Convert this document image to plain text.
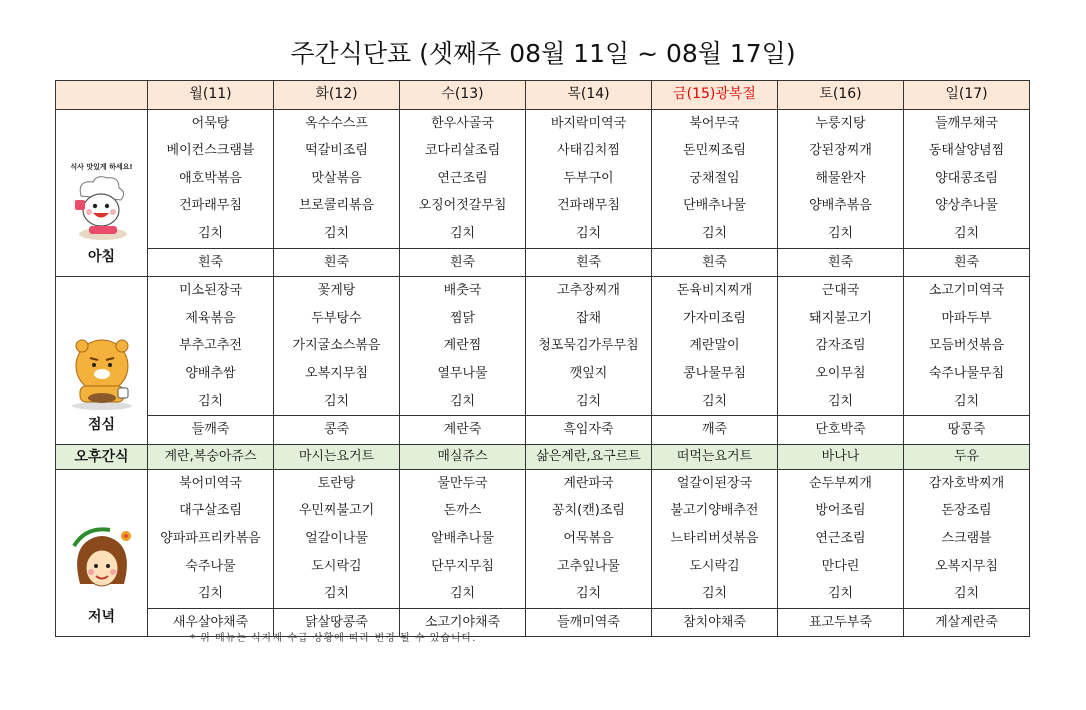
주간식단표 (셋째주 08월 11일 ~ 08월 17일)
	월(11)	화(12)	수(13)	목(14)	금(15)광복절	토(16)	일(17)

식사 맛있게 하세요!
아침	어묵탕	옥수수스프	한우사골국	바지락미역국	북어무국	누룽지탕	들깨무채국
	베이컨스크램블	떡갈비조림	코다리살조림	사태김치찜	돈민찌조림	강된장찌개	동태살양념찜
	애호박볶음	맛살볶음	연근조림	두부구이	궁채절임	해물완자	양대콩조림
	건파래무침	브로콜리볶음	오징어젓갈무침	건파래무침	단배추나물	양배추볶음	양상추나물
	김치	김치	김치	김치	김치	김치	김치
	흰죽	흰죽	흰죽	흰죽	흰죽	흰죽	흰죽

점심	미소된장국	꽃게탕	배춧국	고추장찌개	돈육비지찌개	근대국	소고기미역국
	제육볶음	두부탕수	찜닭	잡채	가자미조림	돼지불고기	마파두부
	부추고추전	가지굴소스볶음	계란찜	청포묵김가루무침	계란말이	감자조림	모듬버섯볶음
	양배추쌈	오복지무침	열무나물	깻잎지	콩나물무침	오이무침	숙주나물무침
	김치	김치	김치	김치	김치	김치	김치
	들깨죽	콩죽	계란죽	흑임자죽	깨죽	단호박죽	땅콩죽
오후간식	계란,복숭아쥬스	마시는요거트	매실쥬스	삶은계란,요구르트	떠먹는요거트	바나나	두유

저녁	북어미역국	토란탕	물만두국	계란파국	얼갈이된장국	순두부찌개	감자호박찌개
	대구살조림	우민찌불고기	돈까스	꽁치(캔)조림	불고기양배추전	방어조림	돈장조림
	양파파프리카볶음	얼갈이나물	알배추나물	어묵볶음	느타리버섯볶음	연근조림	스크램블
	숙주나물	도시락김	단무지무침	고추잎나물	도시락김	만다린	오복지무침
	김치	김치	김치	김치	김치	김치	김치
	새우살야채죽	닭살땅콩죽	소고기야채죽	들깨미역죽	참치야채죽	표고두부죽	게살계란죽
* 위 메뉴는 식자재 수급 상황에 따라 변경 될 수 있습니다.
